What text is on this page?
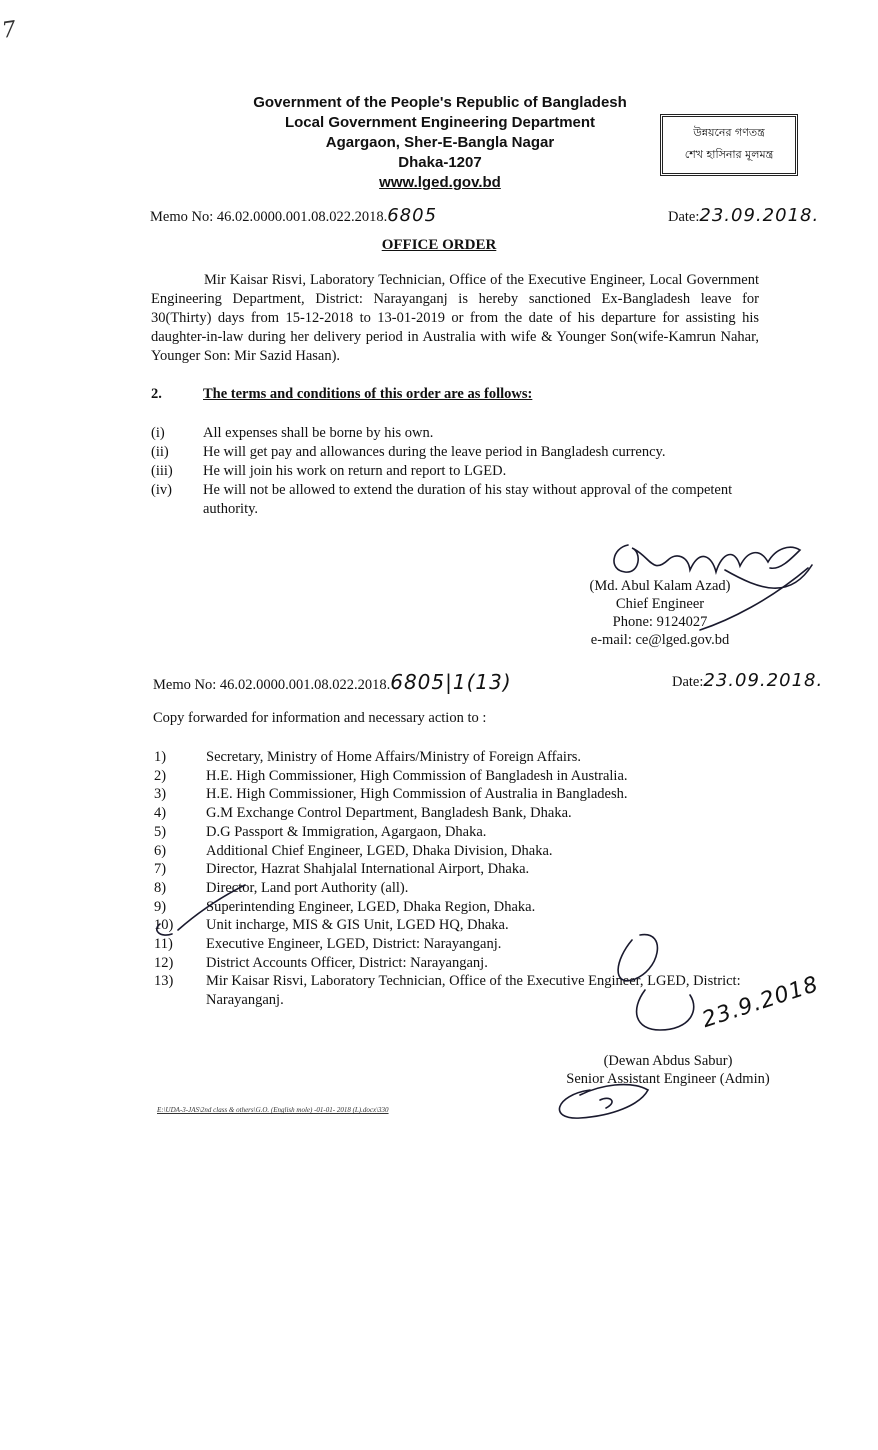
7
Government of the People's Republic of Bangladesh
Local Government Engineering Department
Agargaon, Sher-E-Bangla Nagar
Dhaka-1207
www.lged.gov.bd
উন্নয়নের গণতন্ত্র
শেখ হাসিনার মূলমন্ত্র
Memo No: 46.02.0000.001.08.022.2018.6805	Date:23.09.2018.
OFFICE ORDER
Mir Kaisar Risvi, Laboratory Technician, Office of the Executive Engineer, Local Government Engineering Department, District: Narayanganj is hereby sanctioned Ex-Bangladesh leave for 30(Thirty) days from 15-12-2018 to 13-01-2019 or from the date of his departure for assisting his daughter-in-law during her delivery period in Australia with wife & Younger Son(wife-Kamrun Nahar, Younger Son: Mir Sazid Hasan).
2.	The terms and conditions of this order are as follows:
(i)	All expenses shall be borne by his own.
(ii)	He will get pay and allowances during the leave period in Bangladesh currency.
(iii)	He will join his work on return and report to LGED.
(iv)	He will not be allowed to extend the duration of his stay without approval of the competent authority.
(Md. Abul Kalam Azad)
Chief Engineer
Phone: 9124027
e-mail: ce@lged.gov.bd
Memo No: 46.02.0000.001.08.022.2018.6805|1(13)	Date:23.09.2018.
Copy forwarded for information and necessary action to :
1)	Secretary, Ministry of Home Affairs/Ministry of Foreign Affairs.
2)	H.E. High Commissioner, High Commission of Bangladesh in Australia.
3)	H.E. High Commissioner, High Commission of Australia in Bangladesh.
4)	G.M Exchange Control Department, Bangladesh Bank, Dhaka.
5)	D.G Passport & Immigration, Agargaon, Dhaka.
6)	Additional Chief Engineer, LGED, Dhaka Division, Dhaka.
7)	Director, Hazrat Shahjalal International Airport, Dhaka.
8)	Director, Land port Authority (all).
9)	Superintending Engineer, LGED, Dhaka Region, Dhaka.
10)	Unit incharge, MIS & GIS Unit, LGED HQ, Dhaka.
11)	Executive Engineer, LGED, District: Narayanganj.
12)	District Accounts Officer, District: Narayanganj.
13)	Mir Kaisar Risvi, Laboratory Technician, Office of the Executive Engineer, LGED, District: Narayanganj.	23.9.2018
(Dewan Abdus Sabur)
Senior Assistant Engineer (Admin)
E:\UDA-3-JAS\2nd class & others\G.O. (English mole) -01-01- 2018 (L).docx\330
